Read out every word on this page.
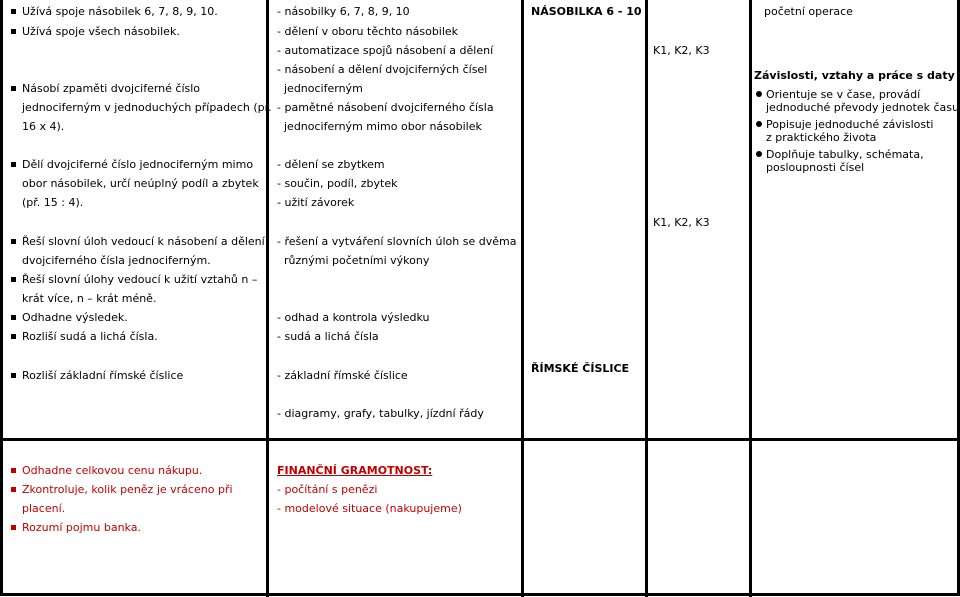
Užívá spoje násobilek 6, 7, 8, 9, 10.
Užívá spoje všech násobilek.
Násobí zpaměti dvojciferné číslo
jednociferným v jednoduchých případech (př.
16 x 4).
Dělí dvojciferné číslo jednociferným mimo
obor násobilek, určí neúplný podíl a zbytek
(př. 15 : 4).
Řeší slovní úloh vedoucí k násobení a dělení
dvojciferného čísla jednociferným.
Řeší slovní úlohy vedoucí k užití vztahů n –
krát více, n – krát méně.
Odhadne výsledek.
Rozliší sudá a lichá čísla.
Rozliší základní římské číslice
Odhadne celkovou cenu nákupu.
Zkontroluje, kolik peněz je vráceno při
placení.
Rozumí pojmu banka.
- násobilky 6, 7, 8, 9, 10
- dělení v oboru těchto násobilek
- automatizace spojů násobení a dělení
- násobení a dělení dvojciferných čísel
jednociferným
- pamětné násobení dvojciferného čísla
jednociferným mimo obor násobilek
- dělení se zbytkem
- součin, podíl, zbytek
- užití závorek
- řešení a vytváření slovních úloh se dvěma
různými početními výkony
- odhad a kontrola výsledku
- sudá a lichá čísla
- základní římské číslice
- diagramy, grafy, tabulky, jízdní řády
FINANČNÍ GRAMOTNOST:
- počítání s penězi
- modelové situace (nakupujeme)
NÁSOBILKA 6 - 10
ŘÍMSKÉ ČÍSLICE
K1, K2, K3
K1, K2, K3
početní operace
Závislosti, vztahy a práce s daty
Orientuje se v čase, provádí
jednoduché převody jednotek času
Popisuje jednoduché závislosti
z praktického života
Doplňuje tabulky, schémata,
posloupnosti čísel
